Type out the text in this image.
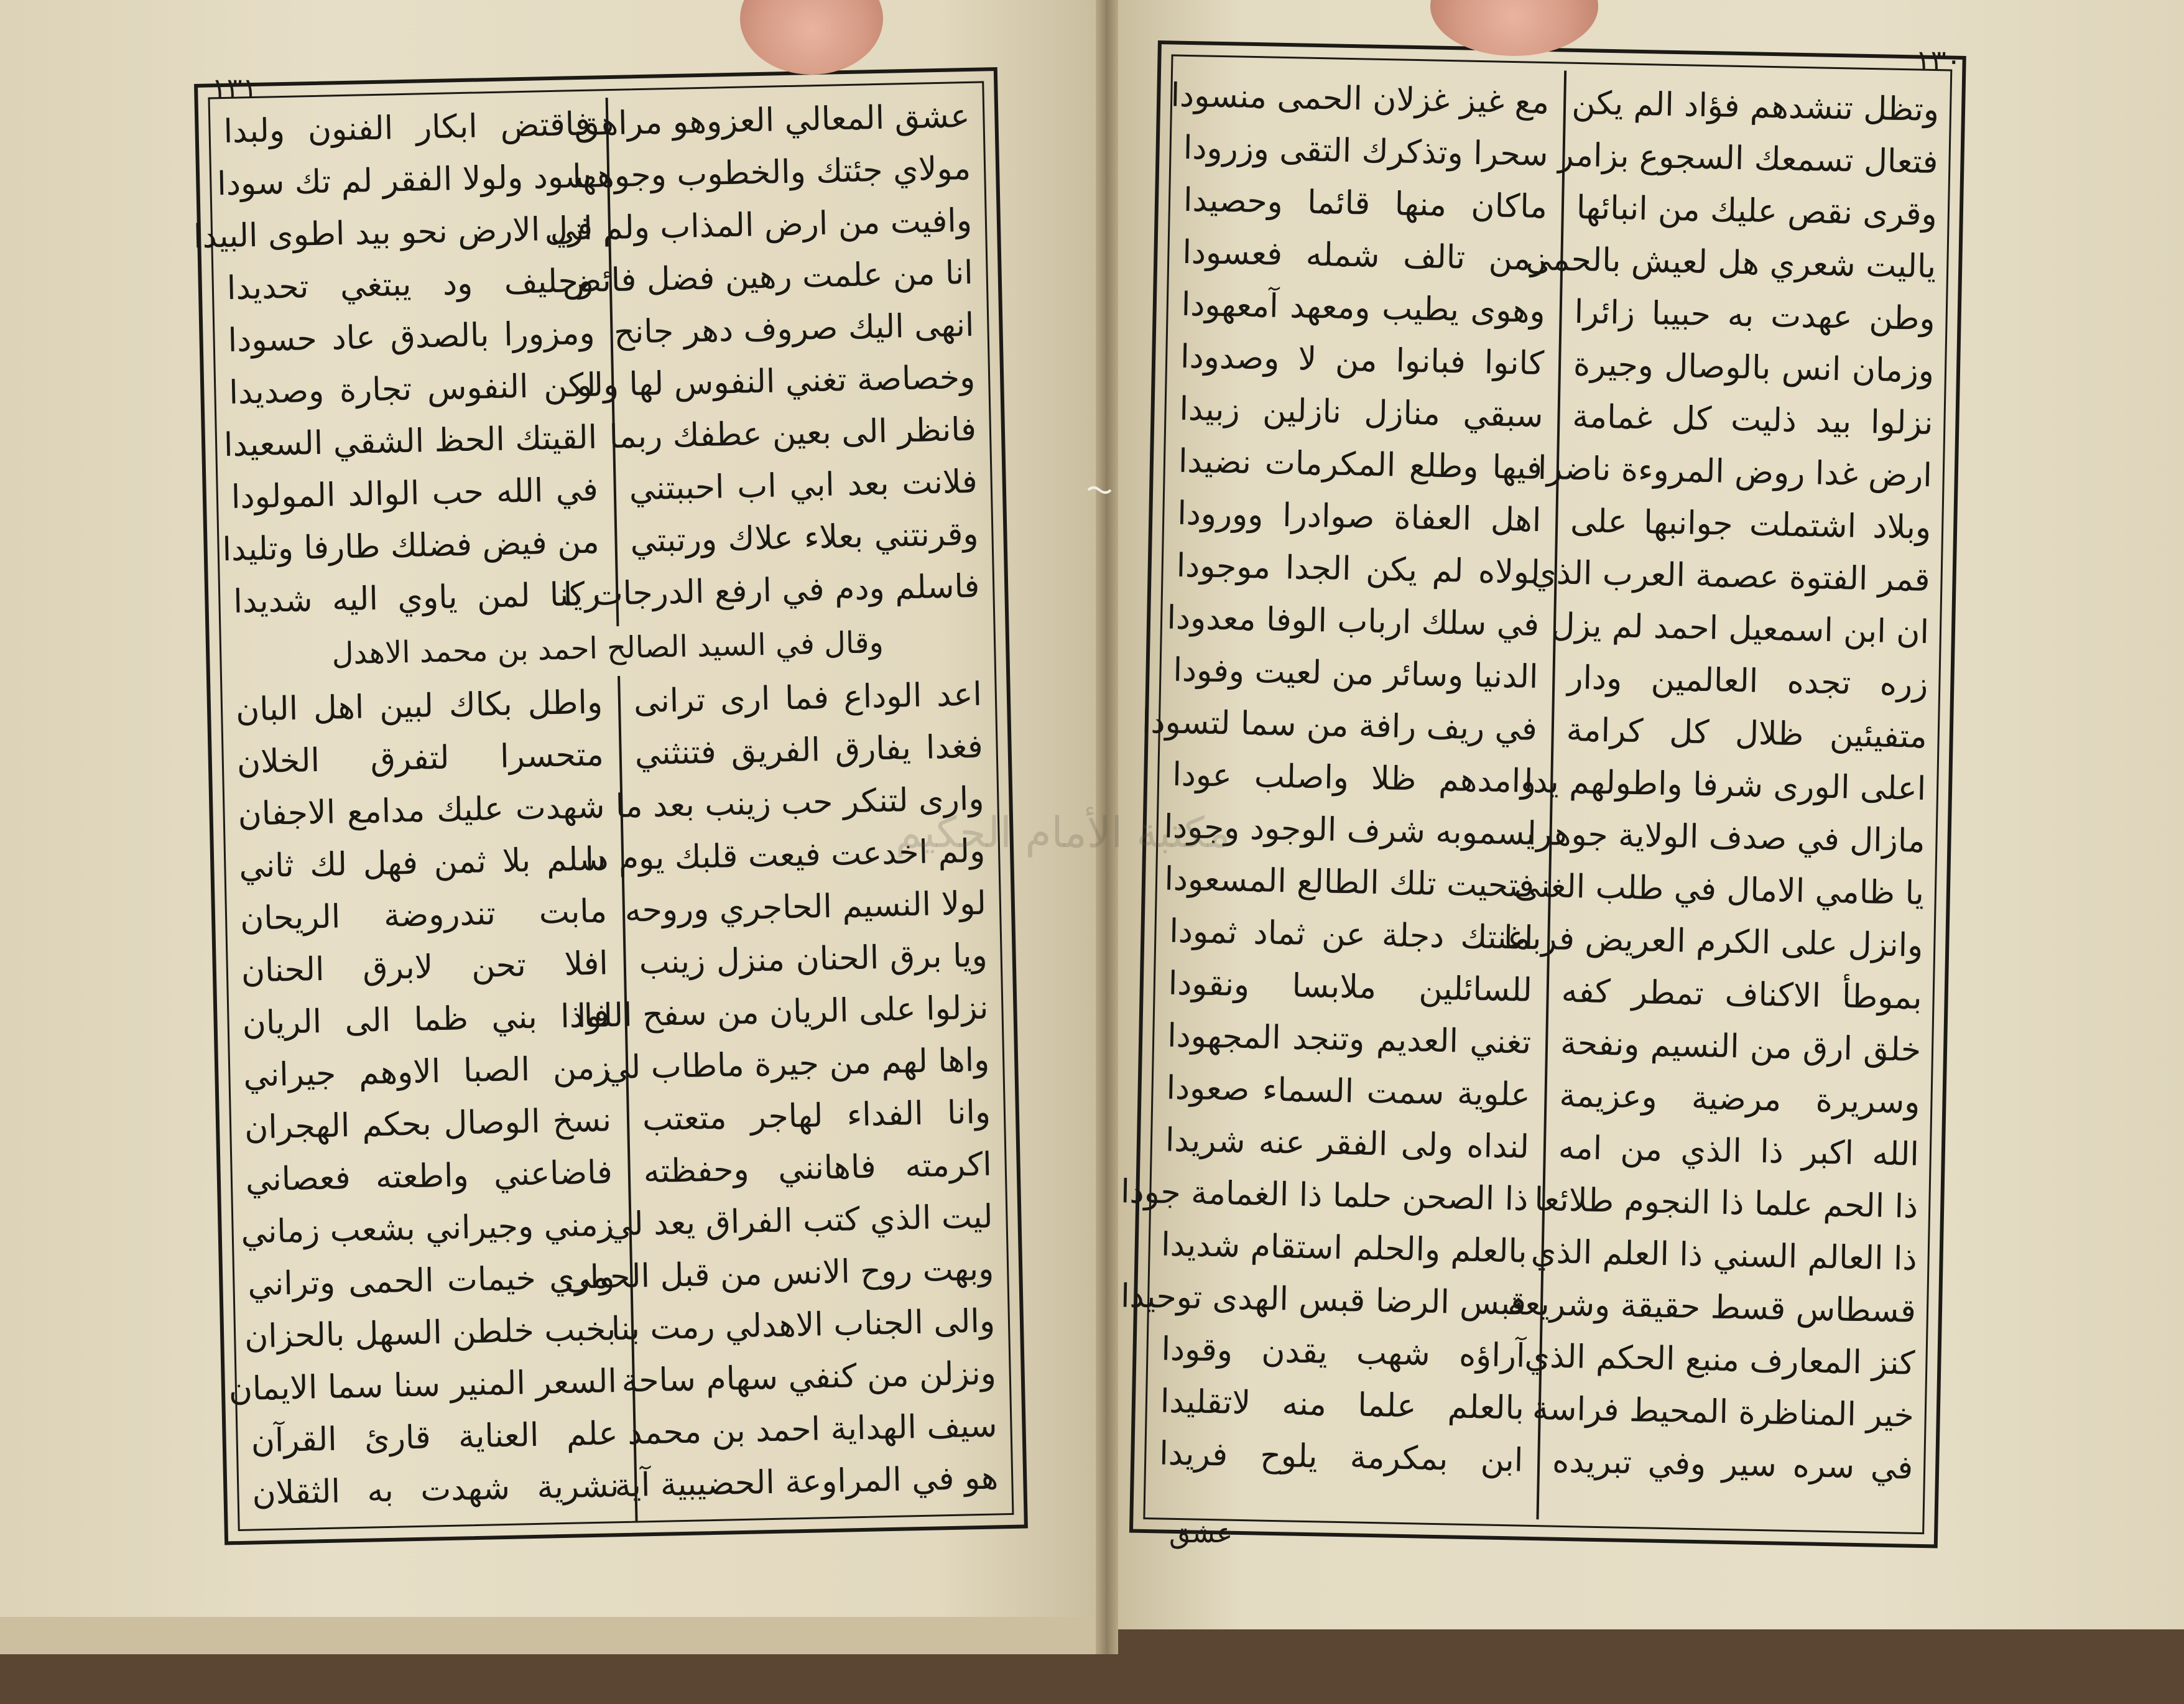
١٣١
عشق المعالي العزوهو مراهق
مولاي جئتك والخطوب وجوهها
وافيت من ارض المذاب ولم ازل
انا من علمت رهين فضل فائض
انهى اليك صروف دهر جانح
وخصاصة تغني النفوس لها ولو
فانظر الى بعين عطفك ربما
فلانت بعد ابي اب احببتني
وقرنتني بعلاء علاك ورتبتي
فاسلم ودم في ارفع الدرجات يا
فاقتض ابكار الفنون ولبدا
سود ولولا الفقر لم تك سودا
في الارض نحو بيد اطوى البيدا
وحليف ود يبتغي تحديدا
ومزورا بالصدق عاد حسودا
لكن النفوس تجارة وصديدا
القيتك الحظ الشقي السعيدا
في الله حب الوالد المولودا
من فيض فضلك طارفا وتليدا
ركنا لمن ياوي اليه شديدا
وقال في السيد الصالح احمد بن محمد الاهدل
اعد الوداع فما ارى ترانى
فغدا يفارق الفريق فتنثني
وارى لتنكر حب زينب بعد ما
ولم اخدعت فيعت قلبك يوم دا
لولا النسيم الحاجري وروحه
ويا برق الحنان منزل زينب
نزلوا على الريان من سفح اللوا
واها لهم من جيرة ماطاب لي
وانا الفداء لهاجر متعتب
اكرمته فاهانني وحفظته
ليت الذي كتب الفراق يعد لي
وبهت روح الانس من قبل الحمى
والى الجناب الاهدلي رمت بنا
ونزلن من كنفي سهام ساحة
سيف الهداية احمد بن محمد
هو في المراوعة الحضيبية آية
واطل بكاك لبين اهل البان
متحسرا لتفرق الخلان
شهدت عليك مدامع الاجفان
سلم بلا ثمن فهل لك ثاني
مابت تندروضة الريحان
افلا تحن لابرق الحنان
فاذا بني ظما الى الريان
زمن الصبا الاوهم جيراني
نسخ الوصال بحكم الهجران
فاضاعني واطعته فعصاني
زمني وجيراني بشعب زماني
واري خيمات الحمى وتراني
بخبب خلطن السهل بالحزان
السعر المنير سنا سما الايمان
علم العناية قارئ القرآن
نشرية شهدت به الثقلان
١٣٠
وتظل تنشدهم فؤاد الم يكن
فتعال تسمعك السجوع بزامر
وقرى نقص عليك من انبائها
ياليت شعري هل لعيش بالحمى
وطن عهدت به حبيبا زائرا
وزمان انس بالوصال وجيرة
نزلوا بيد ذليت كل غمامة
ارض غدا روض المروءة ناضرا
وبلاد اشتملت جوانبها على
قمر الفتوة عصمة العرب الذي
ان ابن اسمعيل احمد لم يزل
زره تجده العالمين ودار
متفيئين ظلال كل كرامة
اعلى الورى شرفا واطولهم يدا
مازال في صدف الولاية جوهرا
يا ظامي الامال في طلب الغنى
وانزل على الكرم العريض فربما
بموطأ الاكناف تمطر كفه
خلق ارق من النسيم ونفحة
وسريرة مرضية وعزيمة
الله اكبر ذا الذي من امه
ذا الحم علما ذا النجوم طلائعا
ذا العالم السني ذا العلم الذي
قسطاس قسط حقيقة وشريعة
كنز المعارف منبع الحكم الذي
خير المناظرة المحيط فراسة
في سره سير وفي تبريده
مع غيز غزلان الحمى منسودا
سحرا وتذكرك التقى وزرودا
ماكان منها قائما وحصيدا
زمن تالف شمله فعسودا
وهوى يطيب ومعهد آمعهودا
كانوا فبانوا من لا وصدودا
سبقي منازل نازلين زبيدا
فيها وطلع المكرمات نضيدا
اهل العفاة صوادرا وورودا
لولاه لم يكن الجدا موجودا
في سلك ارباب الوفا معدودا
الدنيا وسائر من لعيت وفودا
في ريف رافة من سما لتسودا
وامدهم ظلا واصلب عودا
يسموبه شرف الوجود وجودا
فتحيت تلك الطالع المسعودا
اغنتك دجلة عن ثماد ثمودا
للسائلين ملابسا ونقودا
تغني العديم وتنجد المجهودا
علوية سمت السماء صعودا
لنداه ولى الفقر عنه شريدا
ذا الصحن حلما ذا الغمامة جودا
بالعلم والحلم استقام شديدا
قبس الرضا قبس الهدى توحيدا
آراؤه شهب يقدن وقودا
بالعلم علما منه لاتقليدا
ابن بمكرمة يلوح فريدا
عشق
مكتبة الأمام الحكيم
